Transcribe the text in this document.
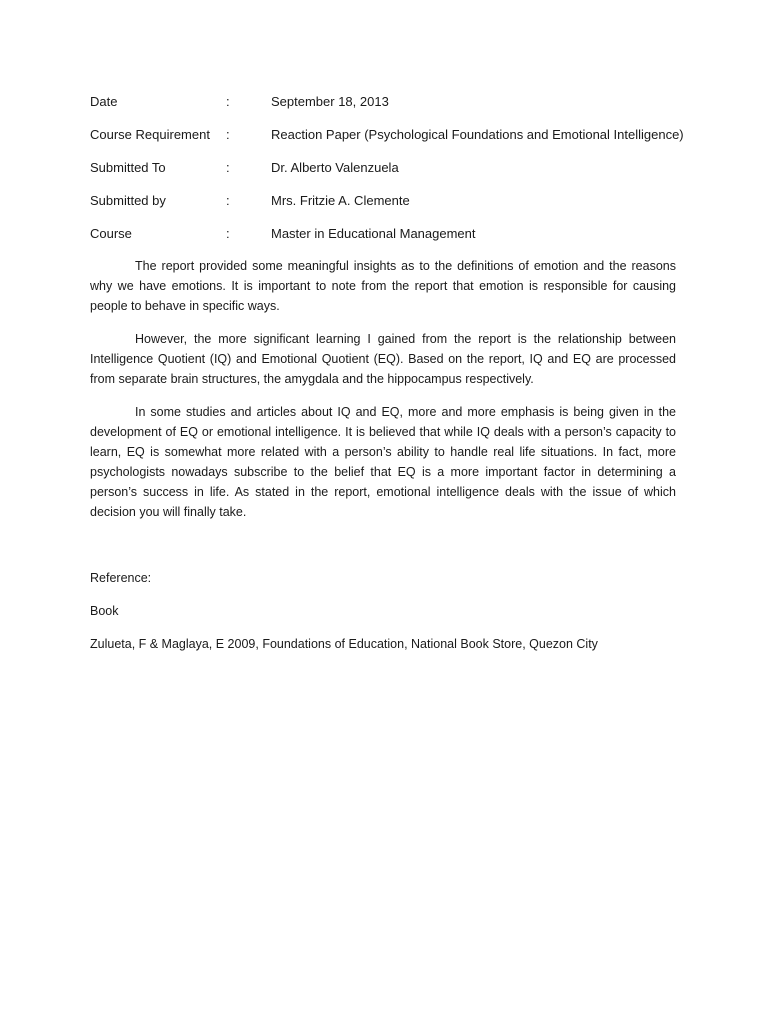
Date	:	September 18, 2013
Course Requirement :	Reaction Paper (Psychological Foundations and Emotional Intelligence)
Submitted To	:	Dr. Alberto Valenzuela
Submitted by	:	Mrs. Fritzie A. Clemente
Course	:	Master in Educational Management

The report provided some meaningful insights as to the definitions of emotion and the reasons why we have emotions. It is important to note from the report that emotion is responsible for causing people to behave in specific ways.

However, the more significant learning I gained from the report is the relationship between Intelligence Quotient (IQ) and Emotional Quotient (EQ). Based on the report, IQ and EQ are processed from separate brain structures, the amygdala and the hippocampus respectively.

In some studies and articles about IQ and EQ, more and more emphasis is being given in the development of EQ or emotional intelligence. It is believed that while IQ deals with a person’s capacity to learn, EQ is somewhat more related with a person’s ability to handle real life situations. In fact, more psychologists nowadays subscribe to the belief that EQ is a more important factor in determining a person’s success in life. As stated in the report, emotional intelligence deals with the issue of which decision you will finally take.

Reference:
Book
Zulueta, F & Maglaya, E 2009, Foundations of Education, National Book Store, Quezon City
